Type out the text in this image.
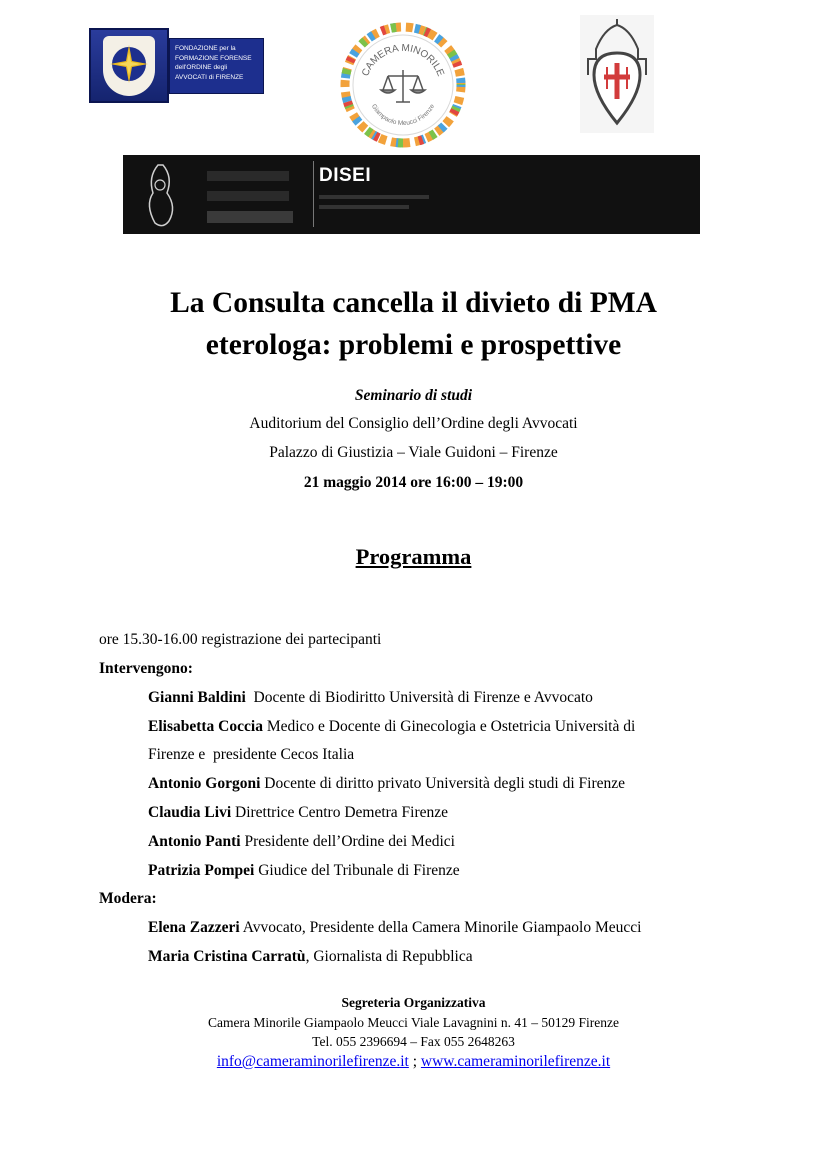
FONDAZIONE per la
FORMAZIONE FORENSE
dell'ORDINE degli
AVVOCATI di FIRENZE	CAMERA MINORILE
Giampaolo Meucci Firenze
DISEI
La Consulta cancella il divieto di PMA
eterologa: problemi e prospettive
Seminario di studi
Auditorium del Consiglio dell’Ordine degli Avvocati
Palazzo di Giustizia – Viale Guidoni – Firenze
21 maggio 2014 ore 16:00 – 19:00
Programma
ore 15.30-16.00 registrazione dei partecipanti
Intervengono:
Gianni Baldini  Docente di Biodiritto Università di Firenze e Avvocato
Elisabetta Coccia Medico e Docente di Ginecologia e Ostetricia Università di
Firenze e  presidente Cecos Italia
Antonio Gorgoni Docente di diritto privato Università degli studi di Firenze
Claudia Livi Direttrice Centro Demetra Firenze
Antonio Panti Presidente dell’Ordine dei Medici
Patrizia Pompei Giudice del Tribunale di Firenze
Modera:
Elena Zazzeri Avvocato, Presidente della Camera Minorile Giampaolo Meucci
Maria Cristina Carratù, Giornalista di Repubblica
Segreteria Organizzativa
Camera Minorile Giampaolo Meucci Viale Lavagnini n. 41 – 50129 Firenze
Tel. 055 2396694 – Fax 055 2648263
info@cameraminorilefirenze.it ; www.cameraminorilefirenze.it
